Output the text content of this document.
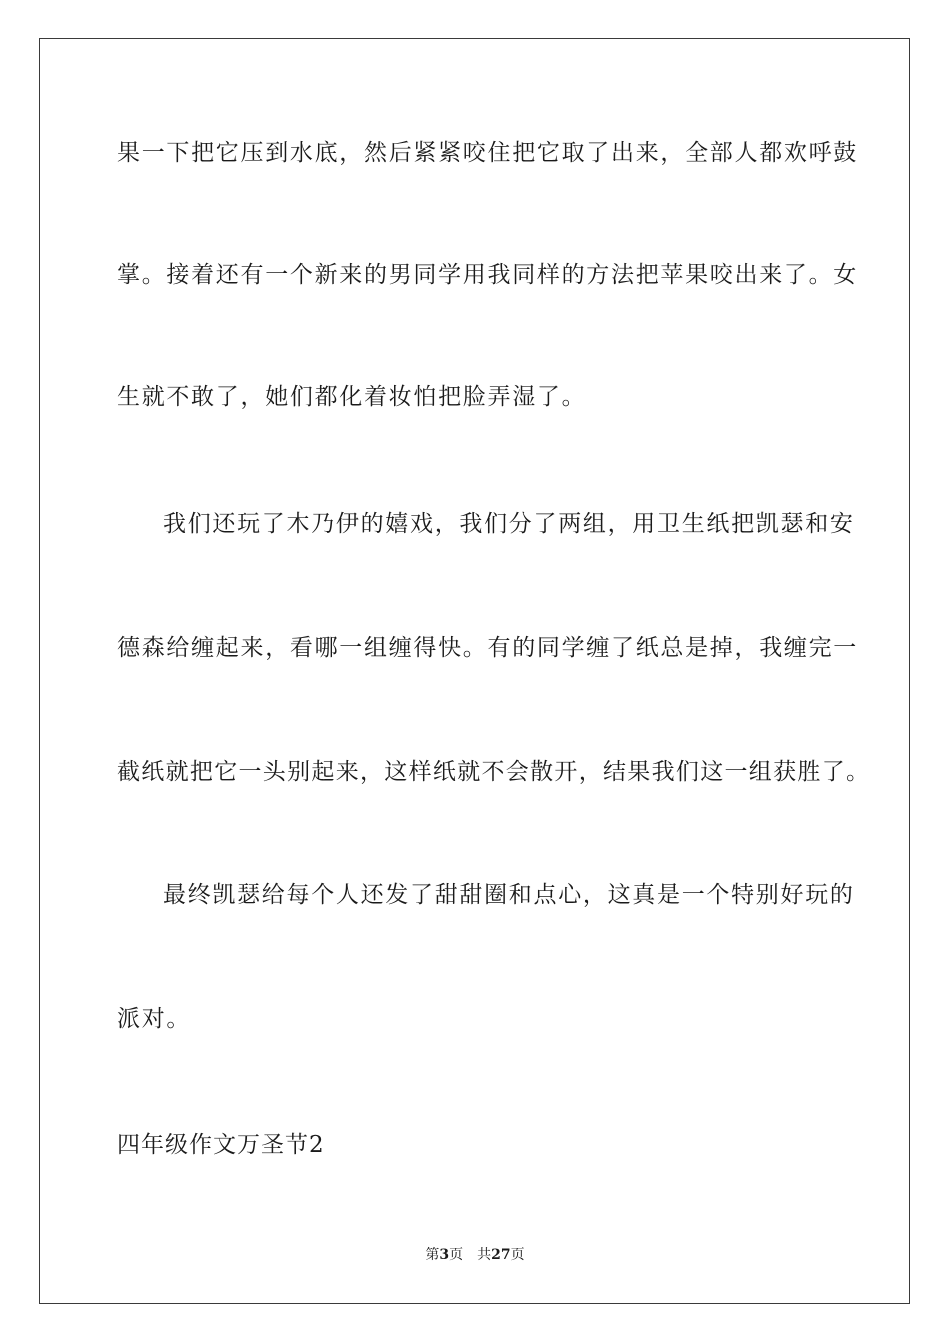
果一下把它压到水底，然后紧紧咬住把它取了出来，全部人都欢呼鼓
掌。接着还有一个新来的男同学用我同样的方法把苹果咬出来了。女
生就不敢了，她们都化着妆怕把脸弄湿了。
我们还玩了木乃伊的嬉戏，我们分了两组，用卫生纸把凯瑟和安
德森给缠起来，看哪一组缠得快。有的同学缠了纸总是掉，我缠完一
截纸就把它一头别起来，这样纸就不会散开，结果我们这一组获胜了。
最终凯瑟给每个人还发了甜甜圈和点心，这真是一个特别好玩的
派对。
四年级作文万圣节2
第3页 共27页
